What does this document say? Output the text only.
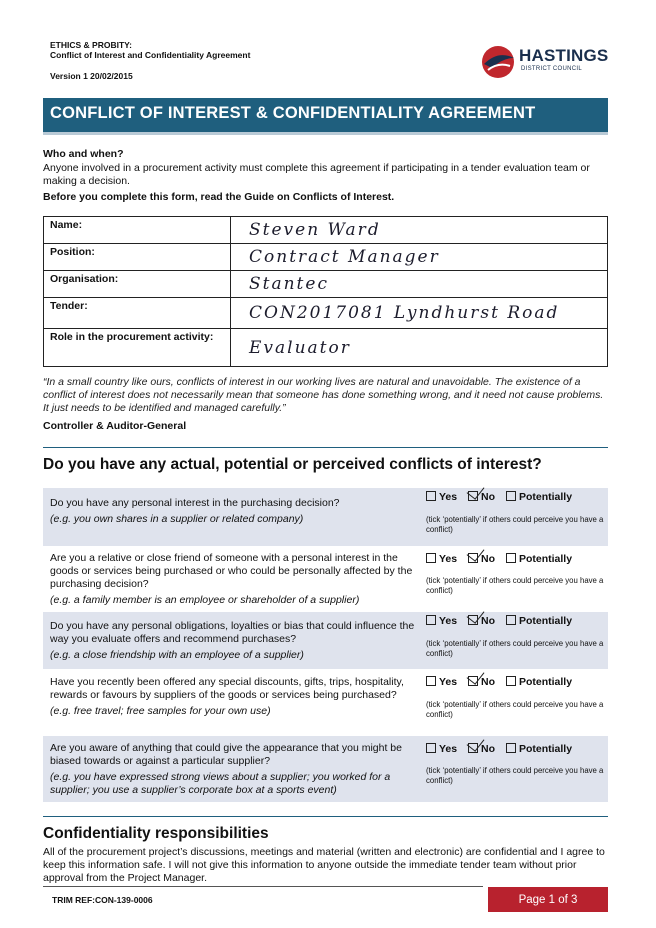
ETHICS & PROBITY:
Conflict of Interest and Confidentiality Agreement
Version 1 20/02/2015
HASTINGS
DISTRICT COUNCIL
CONFLICT OF INTEREST & CONFIDENTIALITY AGREEMENT
Who and when?
Anyone involved in a procurement activity must complete this agreement if participating in a tender evaluation team or making a decision.
Before you complete this form, read the Guide on Conflicts of Interest.
Name:	Steven Ward
Position:	Contract Manager
Organisation:	Stantec
Tender:	CON2017081 Lyndhurst Road
Role in the procurement activity:	Evaluator
“In a small country like ours, conflicts of interest in our working lives are natural and unavoidable. The existence of a conflict of interest does not necessarily mean that someone has done something wrong, and it need not cause problems. It just needs to be identified and managed carefully.”
Controller & Auditor-General
Do you have any actual, potential or perceived conflicts of interest?
Do you have any personal interest in the purchasing decision?
(e.g. you own shares in a supplier or related company)
Yes No Potentially
(tick ‘potentially’ if others could perceive you have a conflict)
Are you a relative or close friend of someone with a personal interest in the goods or services being purchased or who could be personally affected by the purchasing decision?
(e.g. a family member is an employee or shareholder of a supplier)
Yes No Potentially
(tick ‘potentially’ if others could perceive you have a conflict)
Do you have any personal obligations, loyalties or bias that could influence the way you evaluate offers and recommend purchases?
(e.g. a close friendship with an employee of a supplier)
Yes No Potentially
(tick ‘potentially’ if others could perceive you have a conflict)
Have you recently been offered any special discounts, gifts, trips, hospitality, rewards or favours by suppliers of the goods or services being purchased?
(e.g. free travel; free samples for your own use)
Yes No Potentially
(tick ‘potentially’ if others could perceive you have a conflict)
Are you aware of anything that could give the appearance that you might be biased towards or against a particular supplier?
(e.g. you have expressed strong views about a supplier; you worked for a supplier; you use a supplier’s corporate box at a sports event)
Yes No Potentially
(tick ‘potentially’ if others could perceive you have a conflict)
Confidentiality responsibilities
All of the procurement project’s discussions, meetings and material (written and electronic) are confidential and I agree to keep this information safe. I will not give this information to anyone outside the immediate tender team without prior approval from the Project Manager.
TRIM REF:CON-139-0006	Page 1 of 3
